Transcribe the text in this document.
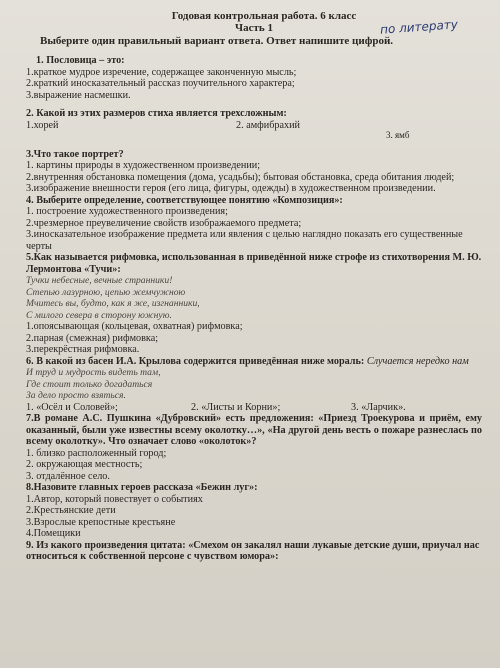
Годовая контрольная работа. 6 класс
Часть 1	по литерату
Выберите один правильный вариант ответа. Ответ напишите цифрой.

1. Пословица – это:

1.краткое мудрое изречение, содержащее законченную мысль;

2.краткий иносказательный рассказ поучительного характера;

3.выражение насмешки.

2. Какой из этих размеров стиха является трехсложным:

1.хорей	2. амфибрахий
3. ямб

3.Что такое портрет?

1. картины природы в художественном произведении;

2.внутренняя обстановка помещения (дома, усадьбы); бытовая обстановка, среда обитания людей;

3.изображение внешности героя (его лица, фигуры, одежды) в художественном произведении.

4. Выберите определение, соответствующее понятию «Композиция»:

1. построение художественного произведения;

2.чрезмерное преувеличение свойств изображаемого предмета;

3.иносказательное изображение предмета или явления с целью наглядно показать его существенные черты

5.Как называется рифмовка, использованная в приведённой ниже строфе из стихотворения М. Ю. Лермонтова «Тучи»:

Тучки небесные, вечные странники!

Степью лазурною, цепью жемчужною

Мчитесь вы, будто, как я же, изгнанники,

С милого севера в сторону южную.

1.опоясывающая (кольцевая, охватная) рифмовка;

2.парная (смежная) рифмовка;

3.перекрёстная рифмовка.

6. В какой из басен И.А. Крылова содержится приведённая ниже мораль: Случается нередко нам

И труд и мудрость видеть там,

Где стоит только догадаться

За дело просто взяться.

1. «Осёл и Соловей»;	2. «Листы и Корни»;	3. «Ларчик».

7.В романе А.С. Пушкина «Дубровский» есть предложения: «Приезд Троекурова и приём, ему оказанный, были уже известны всему околотку…», «На другой день весть о пожаре разнеслась по всему околотку». Что означает слово «околоток»?

1. близко расположенный город;

2. окружающая местность;

3. отдалённое село.

8.Назовите главных героев рассказа «Бежин луг»:

1.Автор, который повествует о событиях

2.Крестьянские дети

3.Взрослые крепостные крестьяне

4.Помещики

9. Из какого произведения цитата: «Смехом он закалял наши лукавые детские души, приучал нас относиться к собственной персоне с чувством юмора»:
